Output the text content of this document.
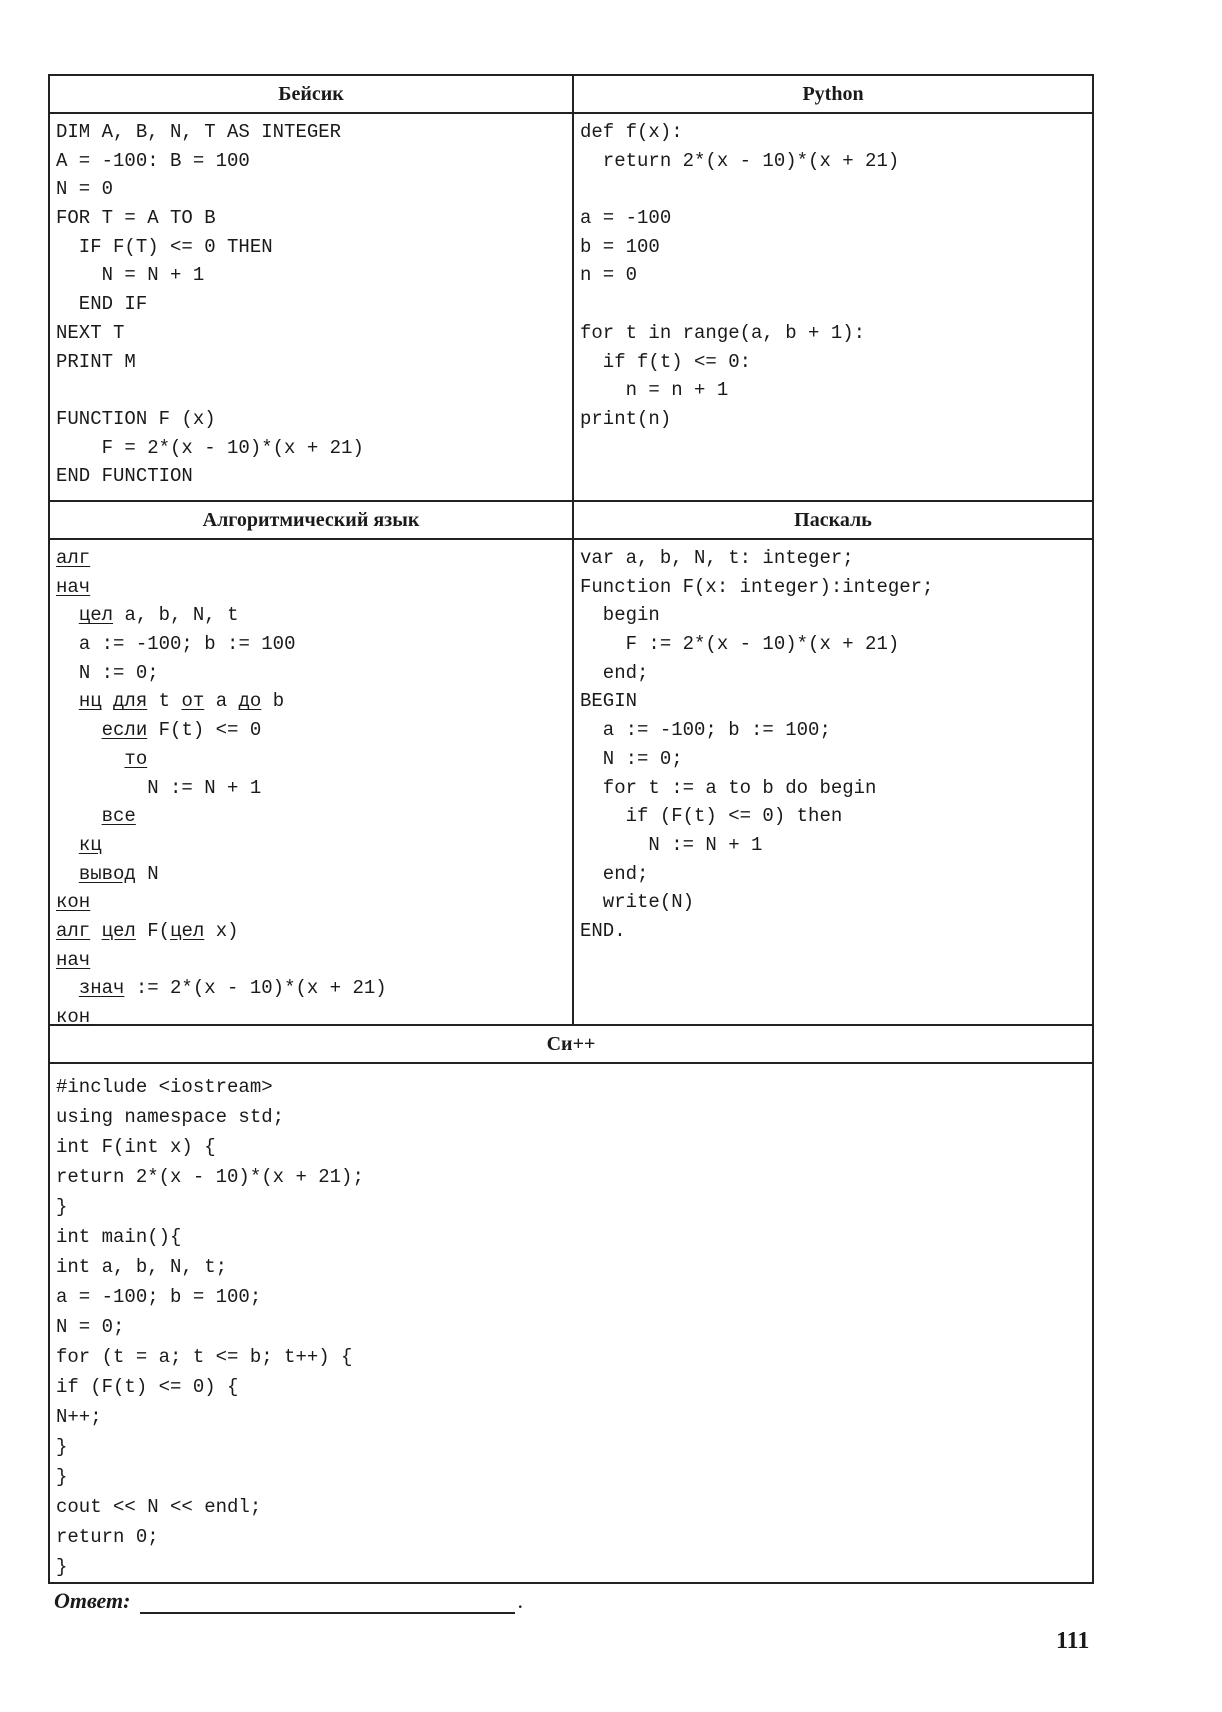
Бейсик
DIM A, B, N, T AS INTEGER
A = -100: B = 100
N = 0
FOR T = A TO B
IF F(T) <= 0 THEN
N = N + 1
END IF
NEXT T
PRINT M

FUNCTION F (x)
F = 2*(x - 10)*(x + 21)
END FUNCTION
Python
def f(x):
return 2*(x - 10)*(x + 21)

a = -100
b = 100
n = 0

for t in range(a, b + 1):
if f(t) <= 0:
n = n + 1
print(n)
Алгоритмический язык
алг
нач
цел a, b, N, t
a := -100; b := 100
N := 0;
нц для t от a до b
если F(t) <= 0
то
N := N + 1
все
кц
вывод N
кон
алг цел F(цел x)
нач
знач := 2*(x - 10)*(x + 21)
кон
Паскаль
var a, b, N, t: integer;
Function F(x: integer):integer;
begin
F := 2*(x - 10)*(x + 21)
end;
BEGIN
a := -100; b := 100;
N := 0;
for t := a to b do begin
if (F(t) <= 0) then
N := N + 1
end;
write(N)
END.
Си++
#include <iostream>
using namespace std;
int F(int x) {
return 2*(x - 10)*(x + 21);
}
int main(){
int a, b, N, t;
a = -100; b = 100;
N = 0;
for (t = a; t <= b; t++) {
if (F(t) <= 0) {
N++;
}
}
cout << N << endl;
return 0;
}
Ответ:	.
111
